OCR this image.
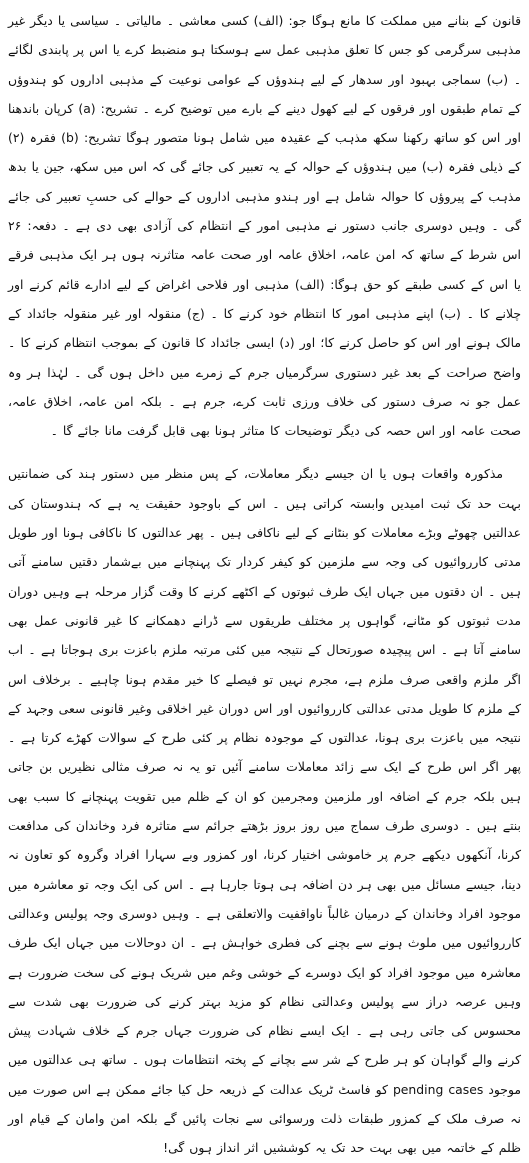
قانون کے بنانے میں مملکت کا مانع ہوگا جو: (الف) کسی معاشی ۔ مالیاتی ۔ سیاسی یا دیگر غیر مذہبی سرگرمی کو جس کا تعلق مذہبی عمل سے ہوسکتا ہو منضبط کرے یا اس پر پابندی لگائے ۔ (ب) سماجی بہبود اور سدھار کے لیے ہندوؤں کے عوامی نوعیت کے مذہبی اداروں کو ہندوؤں کے تمام طبقوں اور فرقوں کے لیے کھول دینے کے بارے میں توضیح کرے ۔ تشریح: (a) کرپان باندھنا اور اس کو ساتھ رکھنا سکھ مذہب کے عقیدہ میں شامل ہونا متصور ہوگا تشریح: (b) فقرہ (۲) کے ذیلی فقرہ (ب) میں ہندوؤں کے حوالہ کے یہ تعبیر کی جائے گی کہ اس میں سکھ، جین یا بدھ مذہب کے پیروؤں کا حوالہ شامل ہے اور ہندو مذہبی اداروں کے حوالے کی حسبِ تعبیر کی جائے گی ۔ وہیں دوسری جانب دستور نے مذہبی امور کے انتظام کی آزادی بھی دی ہے ۔ دفعہ: ۲۶ اس شرط کے ساتھ کہ امن عامہ، اخلاق عامہ اور صحت عامہ متاثرنہ ہوں ہر ایک مذہبی فرقے یا اس کے کسی طبقے کو حق ہوگا: (الف) مذہبی اور فلاحی اغراض کے لیے ادارے قائم کرنے اور چلانے کا ۔ (ب) اپنے مذہبی امور کا انتظام خود کرنے کا ۔ (ج) منقولہ اور غیر منقولہ جائداد کے مالک ہونے اور اس کو حاصل کرنے کا؛ اور (د) ایسی جائداد کا قانون کے بموجب انتظام کرنے کا ۔ واضح صراحت کے بعد غیر دستوری سرگرمیاں جرم کے زمرے میں داخل ہوں گی ۔ لہٰذا ہر وہ عمل جو نہ صرف دستور کی خلاف ورزی ثابت کرے، جرم ہے ۔ بلکہ امن عامہ، اخلاق عامہ، صحت عامہ اور اس حصہ کی دیگر توضیحات کا متاثر ہونا بھی قابل گرفت مانا جائے گا ۔

مذکورہ واقعات ہوں یا ان جیسے دیگر معاملات، کے پس منظر میں دستور ہند کی ضمانتیں بہت حد تک ثبت امیدیں وابستہ کراتی ہیں ۔ اس کے باوجود حقیقت یہ ہے کہ ہندوستان کی عدالتیں چھوٹے وبڑے معاملات کو بنٹانے کے لیے ناکافی ہیں ۔ پھر عدالتوں کا ناکافی ہونا اور طویل مدتی کارروائیوں کی وجہ سے ملزمین کو کیفر کردار تک پہنچانے میں بےشمار دقتیں سامنے آتی ہیں ۔ ان دقتوں میں جہاں ایک طرف ثبوتوں کے اکٹھے کرنے کا وقت گزار مرحلہ ہے وہیں دوران مدت ثبوتوں کو مٹانے، گواہوں پر مختلف طریقوں سے ڈرانے دھمکانے کا غیر قانونی عمل بھی سامنے آتا ہے ۔ اس پیچیدہ صورتحال کے نتیجہ میں کئی مرتبہ ملزم باعزت بری ہوجاتا ہے ۔ اب اگر ملزم واقعی صرف ملزم ہے، مجرم نہیں تو فیصلے کا خیر مقدم ہونا چاہیے ۔ برخلاف اس کے ملزم کا طویل مدتی عدالتی کارروائیوں اور اس دوران غیر اخلاقی وغیر قانونی سعی وجہد کے نتیجہ میں باعزت بری ہونا، عدالتوں کے موجودہ نظام پر کئی طرح کے سوالات کھڑے کرتا ہے ۔ پھر اگر اس طرح کے ایک سے زائد معاملات سامنے آئیں تو یہ نہ صرف مثالی نظیریں بن جاتی ہیں بلکہ جرم کے اضافہ اور ملزمین ومجرمین کو ان کے ظلم میں تقویت پہنچانے کا سبب بھی بنتے ہیں ۔ دوسری طرف سماج میں روز بروز بڑھتے جرائم سے متاثرہ فرد وخاندان کی مدافعت کرنا، آنکھوں دیکھے جرم پر خاموشی اختیار کرنا، اور کمزور وبے سہارا افراد وگروہ کو تعاون نہ دینا، جیسے مسائل میں بھی ہر دن اضافہ ہی ہوتا جارہا ہے ۔ اس کی ایک وجہ تو معاشرہ میں موجود افراد وخاندان کے درمیان غالباً ناواقفیت والاتعلقی ہے ۔ وہیں دوسری وجہ پولیس وعدالتی کارروائیوں میں ملوث ہونے سے بچنے کی فطری خواہش ہے ۔ ان دوحالات میں جہاں ایک طرف معاشرہ میں موجود افراد کو ایک دوسرے کے خوشی وغم میں شریک ہونے کی سخت ضرورت ہے وہیں عرصہ دراز سے پولیس وعدالتی نظام کو مزید بہتر کرنے کی ضرورت بھی شدت سے محسوس کی جاتی رہی ہے ۔ ایک ایسے نظام کی ضرورت جہاں جرم کے خلاف شہادت پیش کرنے والے گواہان کو ہر طرح کے شر سے بچانے کے پختہ انتظامات ہوں ۔ ساتھ ہی عدالتوں میں موجود pending cases کو فاسٹ ٹریک عدالت کے ذریعہ حل کیا جائے ممکن ہے اس صورت میں نہ صرف ملک کے کمزور طبقات ذلت ورسوائی سے نجات پائیں گے بلکہ امن وامان کے قیام اور ظلم کے خاتمہ میں بھی بہت حد تک یہ کوششیں اثر انداز ہوں گی!
